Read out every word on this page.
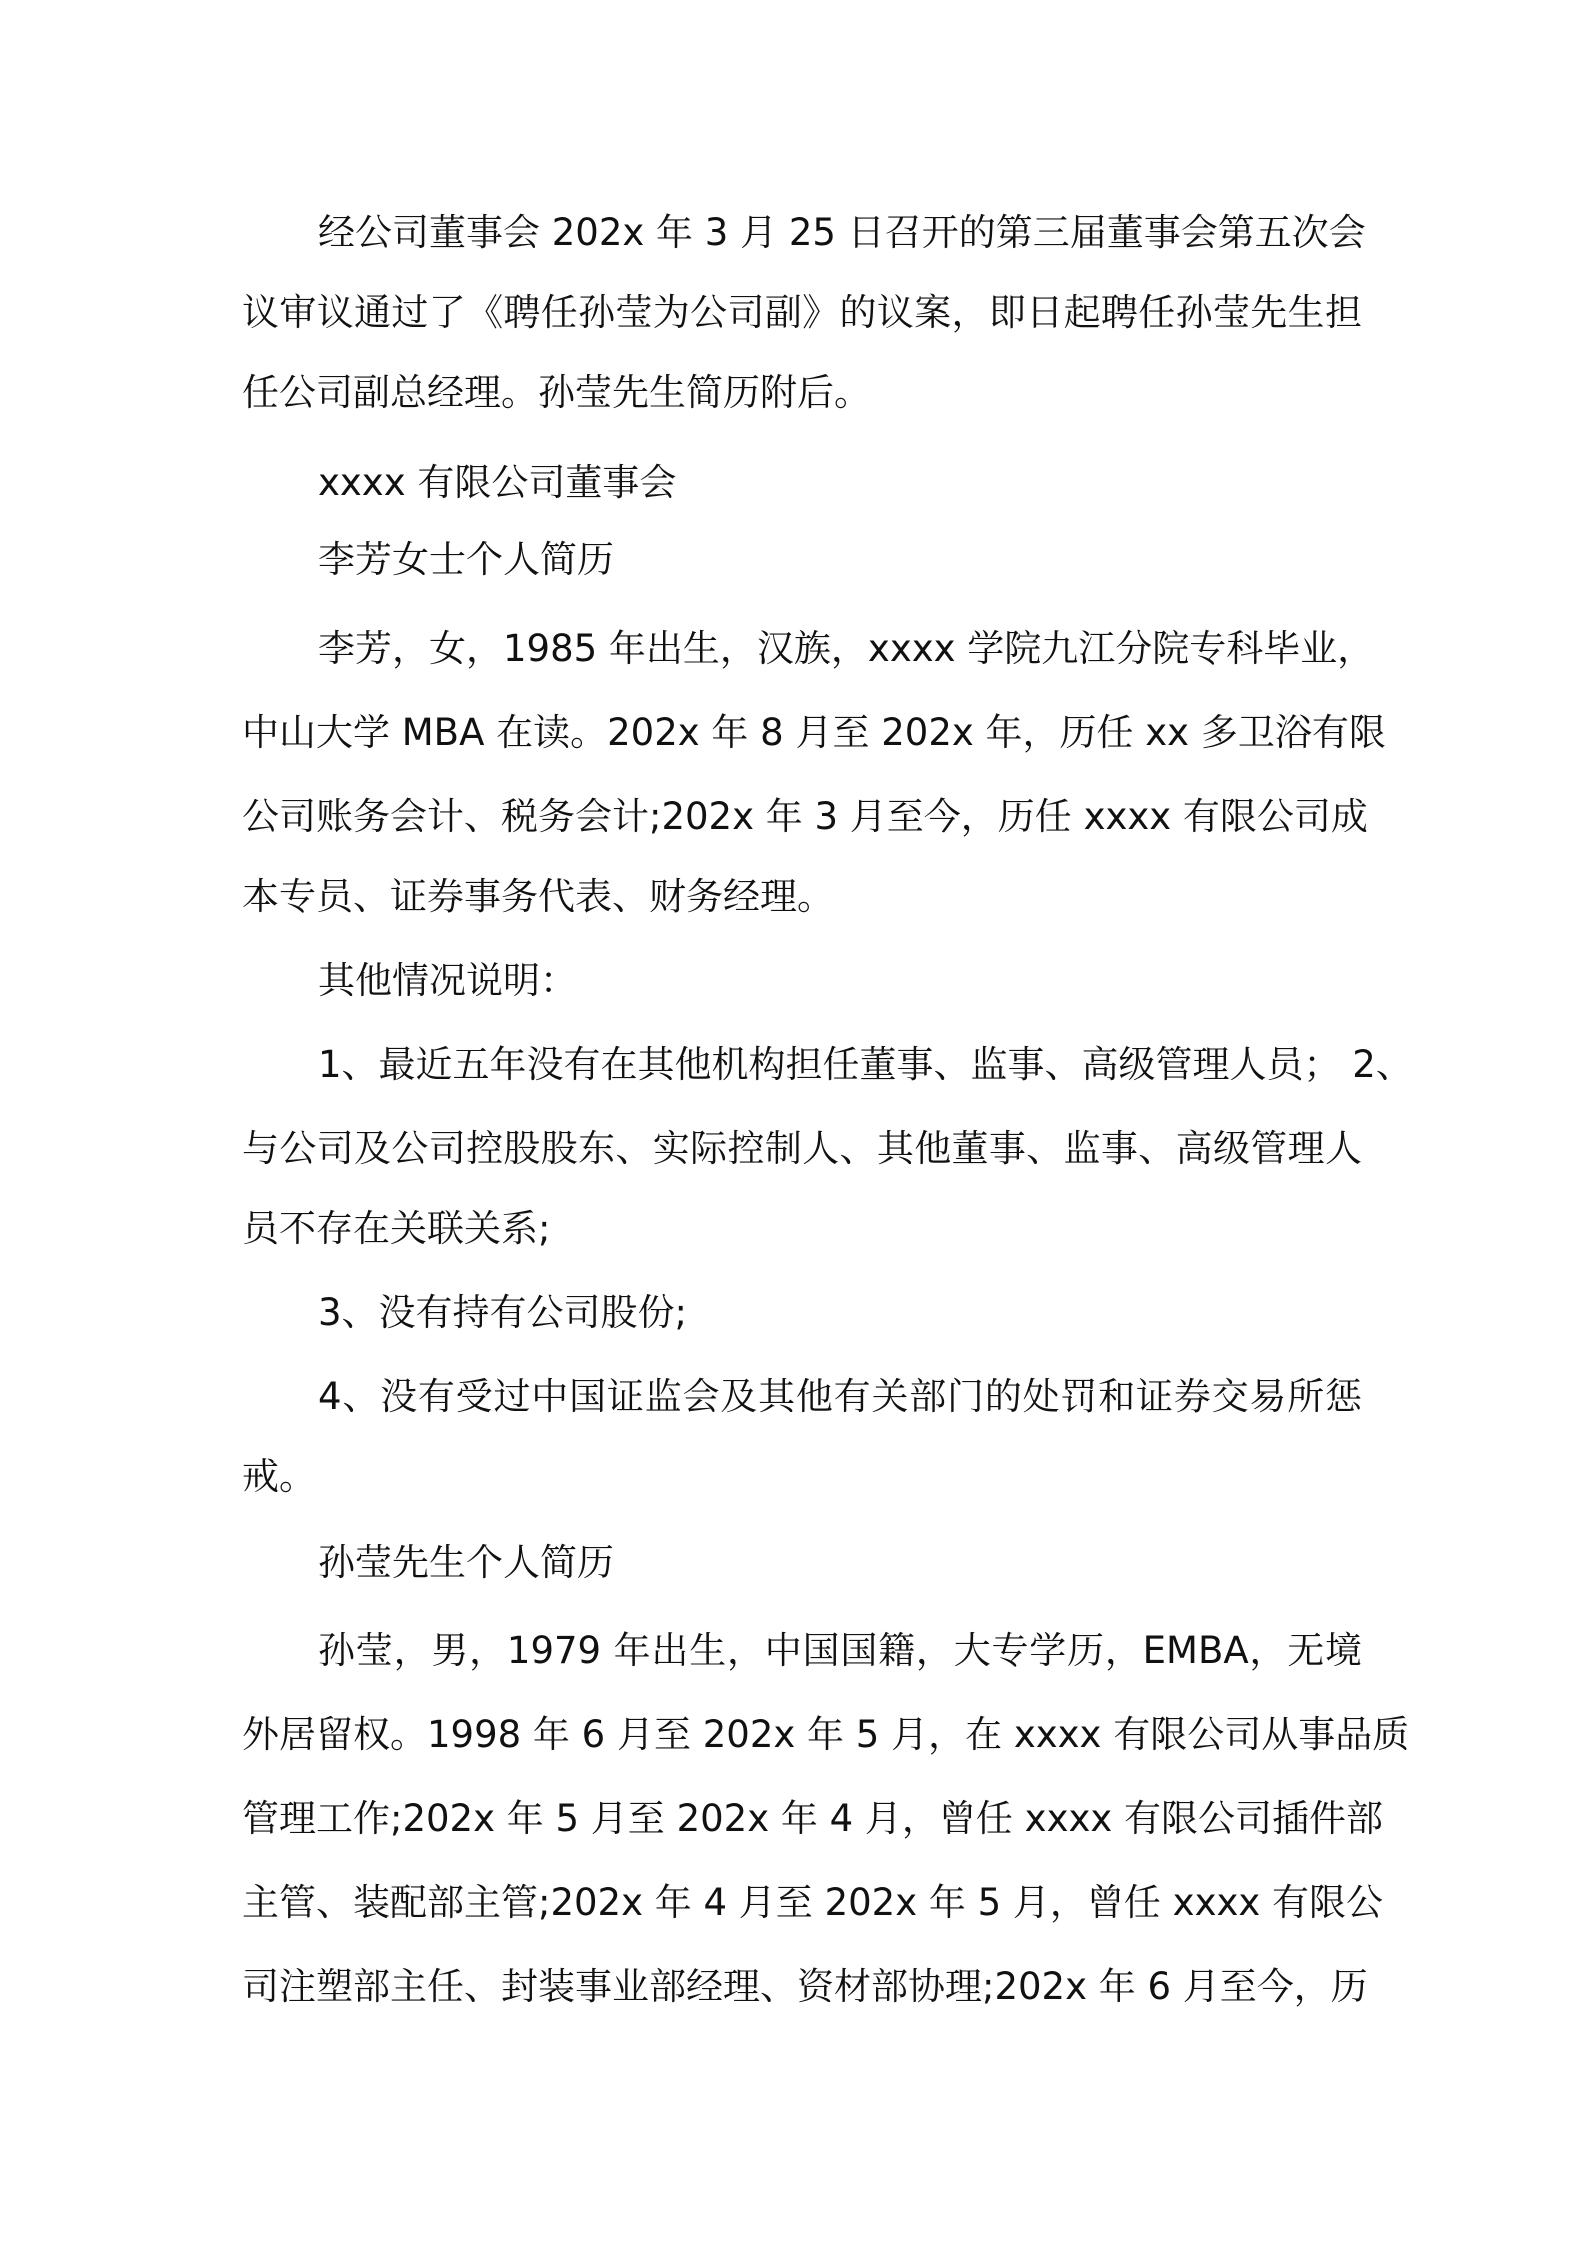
经公司董事会 202x 年 3 月 25 日召开的第三届董事会第五次会
议审议通过了《聘任孙莹为公司副》的议案，即日起聘任孙莹先生担
任公司副总经理。孙莹先生简历附后。
xxxx 有限公司董事会
李芳女士个人简历
李芳，女，1985 年出生，汉族，xxxx 学院九江分院专科毕业，
中山大学 MBA 在读。202x 年 8 月至 202x 年，历任 xx 多卫浴有限
公司账务会计、税务会计;202x 年 3 月至今，历任 xxxx 有限公司成
本专员、证券事务代表、财务经理。
其他情况说明：
1、最近五年没有在其他机构担任董事、监事、高级管理人员； 2、
与公司及公司控股股东、实际控制人、其他董事、监事、高级管理人
员不存在关联关系;
3、没有持有公司股份;
4、没有受过中国证监会及其他有关部门的处罚和证券交易所惩
戒。
孙莹先生个人简历
孙莹，男，1979 年出生，中国国籍，大专学历，EMBA，无境
外居留权。1998 年 6 月至 202x 年 5 月，在 xxxx 有限公司从事品质
管理工作;202x 年 5 月至 202x 年 4 月，曾任 xxxx 有限公司插件部
主管、装配部主管;202x 年 4 月至 202x 年 5 月，曾任 xxxx 有限公
司注塑部主任、封装事业部经理、资材部协理;202x 年 6 月至今，历
